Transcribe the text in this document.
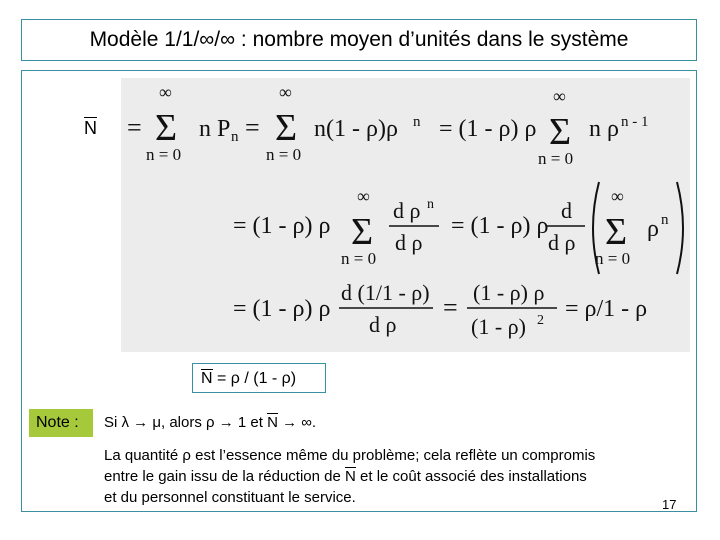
Modèle 1/1/∞/∞ : nombre moyen d’unités dans le système
N =
∞
Σ
n = 0
n P n =
∞
Σ
n = 0
n(1 - ρ)ρ n = (1 - ρ) ρ
∞
Σ
n = 0
n ρ n - 1
= (1 - ρ) ρ
∞
Σ
n = 0
d ρ n
d ρ
= (1 - ρ) ρ
d
d ρ
∞
Σ
n = 0
ρ n
= (1 - ρ) ρ
d (1/1 - ρ)
d ρ
=
(1 - ρ) ρ
(1 - ρ) 2 = ρ/1 - ρ
N = ρ / (1 - ρ)
Note :	Si λ → μ, alors ρ → 1 et N → ∞.
La quantité ρ est l’essence même du problème; cela reflète un compromis
entre le gain issu de la réduction de N et le coût associé des installations
et du personnel constituant le service.	17
